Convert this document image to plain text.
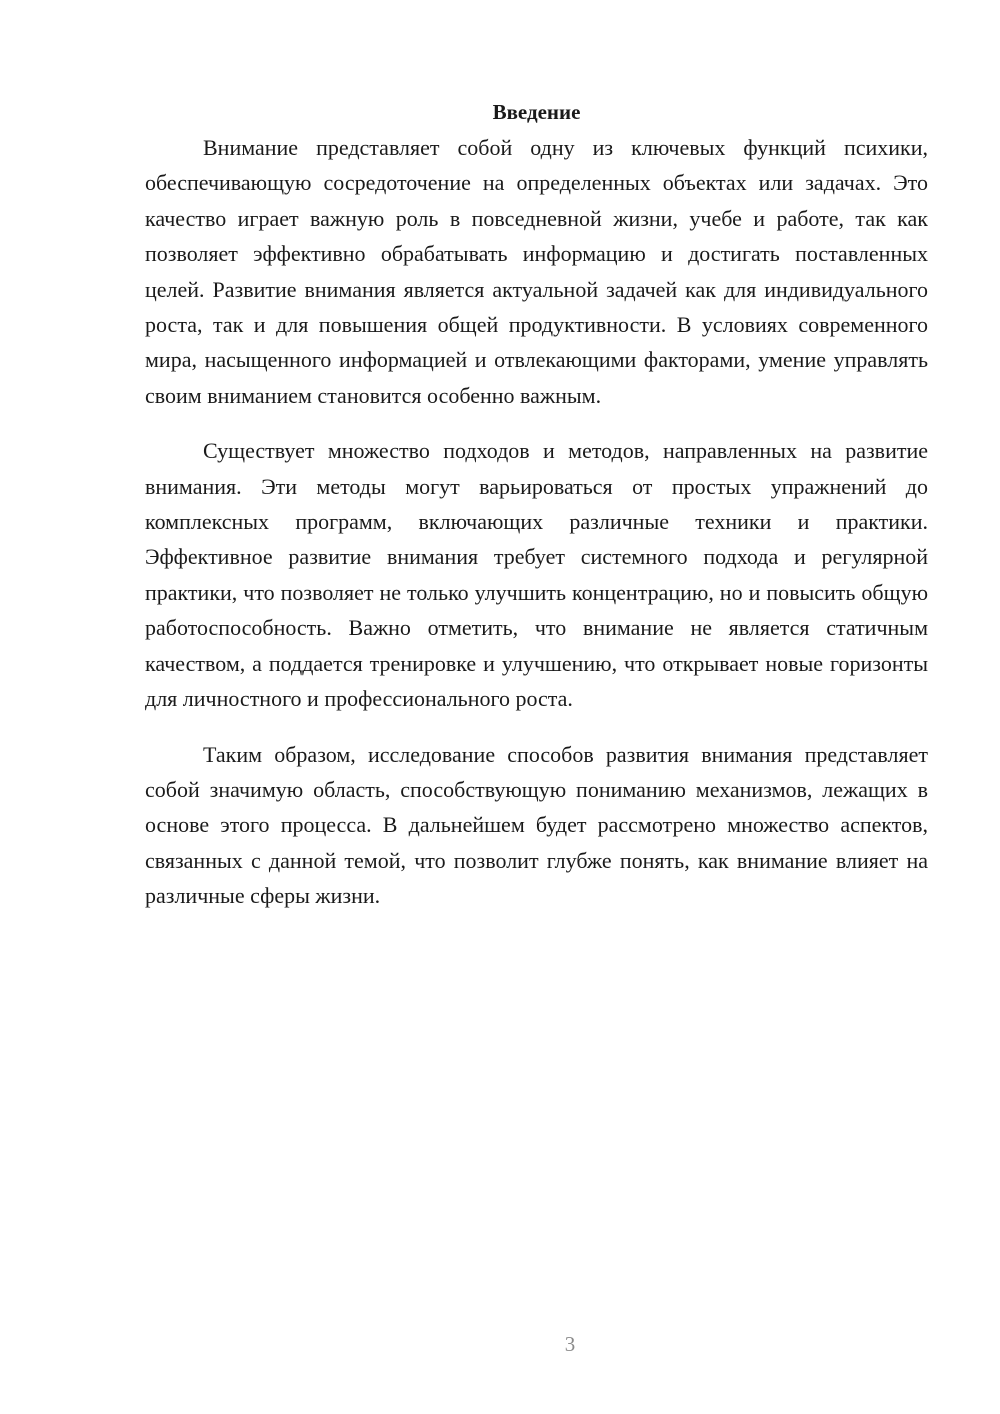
Введение

Внимание представляет собой одну из ключевых функций психики, обеспечивающую сосредоточение на определенных объектах или задачах. Это качество играет важную роль в повседневной жизни, учебе и работе, так как позволяет эффективно обрабатывать информацию и достигать поставленных целей. Развитие внимания является актуальной задачей как для индивидуального роста, так и для повышения общей продуктивности. В условиях современного мира, насыщенного информацией и отвлекающими факторами, умение управлять своим вниманием становится особенно важным.

Существует множество подходов и методов, направленных на развитие внимания. Эти методы могут варьироваться от простых упражнений до комплексных программ, включающих различные техники и практики. Эффективное развитие внимания требует системного подхода и регулярной практики, что позволяет не только улучшить концентрацию, но и повысить общую работоспособность. Важно отметить, что внимание не является статичным качеством, а поддается тренировке и улучшению, что открывает новые горизонты для личностного и профессионального роста.

Таким образом, исследование способов развития внимания представляет собой значимую область, способствующую пониманию механизмов, лежащих в основе этого процесса. В дальнейшем будет рассмотрено множество аспектов, связанных с данной темой, что позволит глубже понять, как внимание влияет на различные сферы жизни.

3
